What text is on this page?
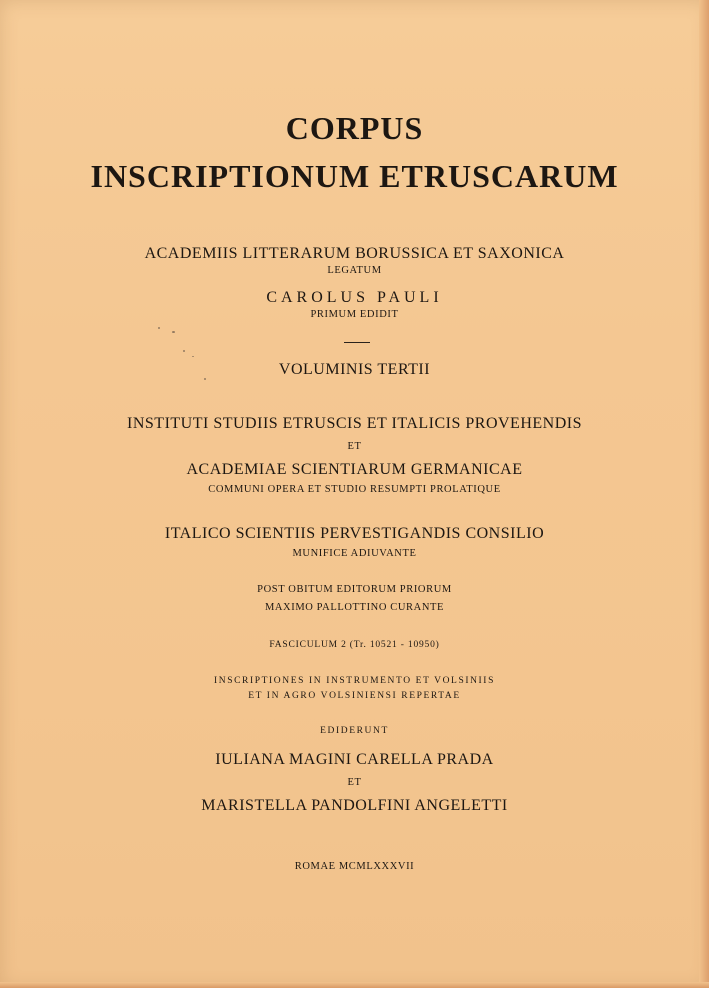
CORPUS
INSCRIPTIONUM ETRUSCARUM
ACADEMIIS LITTERARUM BORUSSICA ET SAXONICA
LEGATUM
CAROLUS PAULI
PRIMUM EDIDIT
VOLUMINIS TERTII
INSTITUTI STUDIIS ETRUSCIS ET ITALICIS PROVEHENDIS
ET
ACADEMIAE SCIENTIARUM GERMANICAE
COMMUNI OPERA ET STUDIO RESUMPTI PROLATIQUE
ITALICO SCIENTIIS PERVESTIGANDIS CONSILIO
MUNIFICE ADIUVANTE
POST OBITUM EDITORUM PRIORUM
MAXIMO PALLOTTINO CURANTE
FASCICULUM 2 (Tr. 10521 - 10950)
INSCRIPTIONES IN INSTRUMENTO ET VOLSINIIS
ET IN AGRO VOLSINIENSI REPERTAE
EDIDERUNT
IULIANA MAGINI CARELLA PRADA
ET
MARISTELLA PANDOLFINI ANGELETTI
ROMAE MCMLXXXVII
